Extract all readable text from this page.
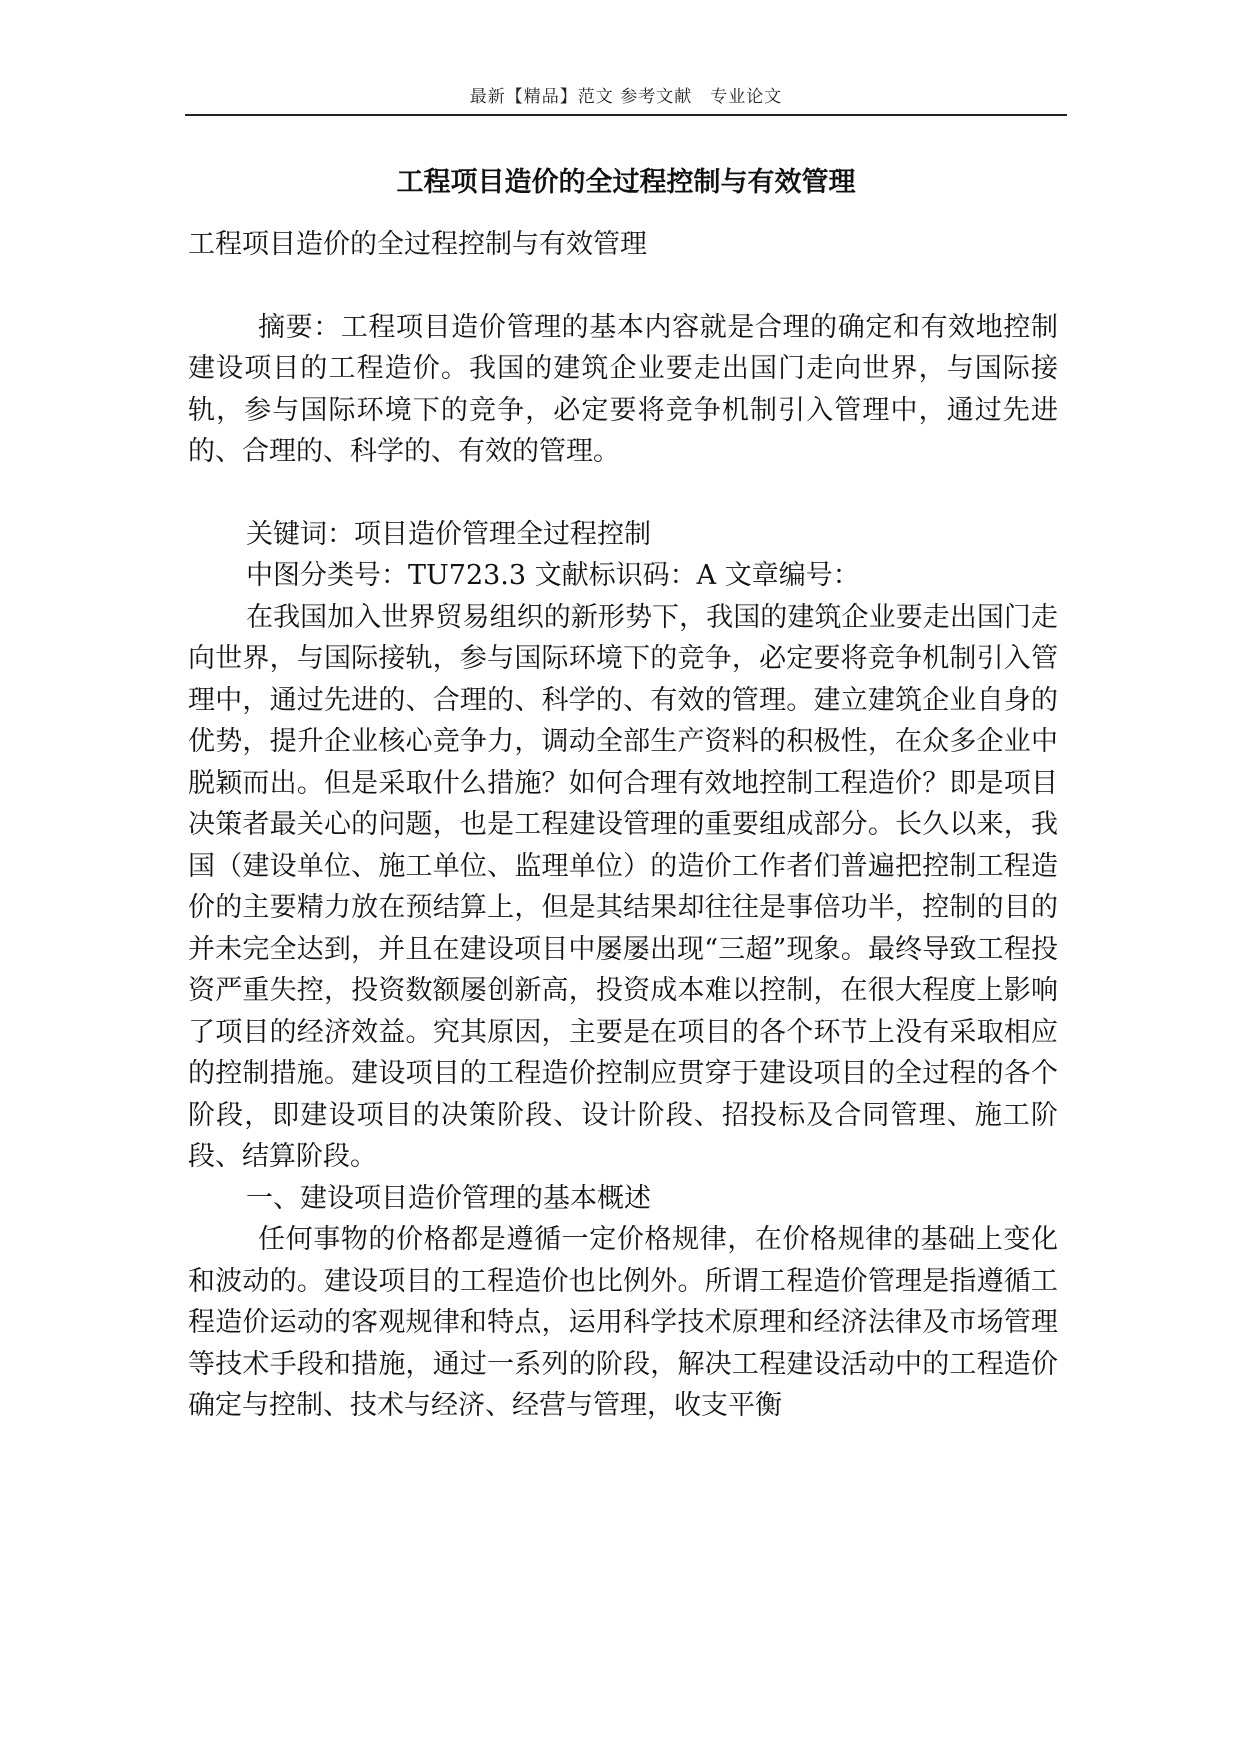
最新【精品】范文 参考文献　专业论文
工程项目造价的全过程控制与有效管理

工程项目造价的全过程控制与有效管理

摘要：工程项目造价管理的基本内容就是合理的确定和有效地控制建设项目的工程造价。我国的建筑企业要走出国门走向世界，与国际接轨，参与国际环境下的竞争，必定要将竞争机制引入管理中，通过先进的、合理的、科学的、有效的管理。

关键词：项目造价管理全过程控制

中图分类号：TU723.3 文献标识码：A 文章编号：

在我国加入世界贸易组织的新形势下，我国的建筑企业要走出国门走向世界，与国际接轨，参与国际环境下的竞争，必定要将竞争机制引入管理中，通过先进的、合理的、科学的、有效的管理。建立建筑企业自身的优势，提升企业核心竞争力，调动全部生产资料的积极性，在众多企业中脱颖而出。但是采取什么措施？如何合理有效地控制工程造价？即是项目决策者最关心的问题，也是工程建设管理的重要组成部分。长久以来，我国（建设单位、施工单位、监理单位）的造价工作者们普遍把控制工程造价的主要精力放在预结算上，但是其结果却往往是事倍功半，控制的目的并未完全达到，并且在建设项目中屡屡出现“三超”现象。最终导致工程投资严重失控，投资数额屡创新高，投资成本难以控制，在很大程度上影响了项目的经济效益。究其原因，主要是在项目的各个环节上没有采取相应的控制措施。建设项目的工程造价控制应贯穿于建设项目的全过程的各个阶段，即建设项目的决策阶段、设计阶段、招投标及合同管理、施工阶段、结算阶段。

一、建设项目造价管理的基本概述

任何事物的价格都是遵循一定价格规律，在价格规律的基础上变化和波动的。建设项目的工程造价也比例外。所谓工程造价管理是指遵循工程造价运动的客观规律和特点，运用科学技术原理和经济法律及市场管理等技术手段和措施，通过一系列的阶段，解决工程建设活动中的工程造价确定与控制、技术与经济、经营与管理，收支平衡
